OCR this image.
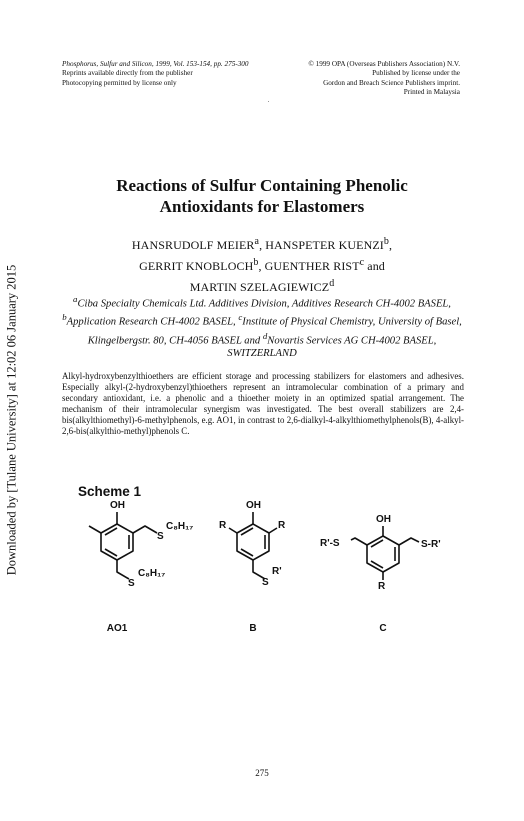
Downloaded by [Tulane University] at 12:02 06 January 2015
Phosphorus, Sulfur and Silicon, 1999, Vol. 153-154, pp. 275-300
Reprints available directly from the publisher
Photocopying permitted by license only
© 1999 OPA (Overseas Publishers Association) N.V.
Published by license under the
Gordon and Breach Science Publishers imprint.
Printed in Malaysia
Reactions of Sulfur Containing Phenolic
Antioxidants for Elastomers
HANSRUDOLF MEIER$^a$, HANSPETER KUENZI$^b$,
GERRIT KNOBLOCH$^b$, GUENTHER RIST$^c$ and
MARTIN SZELAGIEWICZ$^d$
$^a$Ciba Specialty Chemicals Ltd. Additives Division, Additives Research CH-4002 BASEL, $^b$Application Research CH-4002 BASEL, $^c$Institute of Physical Chemistry, University of Basel, Klingelbergstr. 80, CH-4056 BASEL and $^d$Novartis Services AG CH-4002 BASEL, SWITZERLAND
Alkyl-hydroxybenzylthioethers are efficient storage and processing stabilizers for elastomers and adhesives. Especially alkyl-(2-hydroxybenzyl)thioethers represent an intramolecular combination of a primary and secondary antioxidant, i.e. a phenolic and a thioether moiety in an optimized spatial arrangement. The mechanism of their intramolecular synergism was investigated. The best overall stabilizers are 2,4-bis(alkylthiomethyl)-6-methylphenols, e.g. AO1, in contrast to 2,6-dialkyl-4-alkylthiomethylphenols(B), 4-alkyl-2,6-bis(alkylthio-methyl)phenols C.
Scheme 1
OH
S
C₈H₁₇
S
C₈H₁₇
OH
R	R
S
R'
OH
R'-S	S-R'
R
AO1	B	C
275
